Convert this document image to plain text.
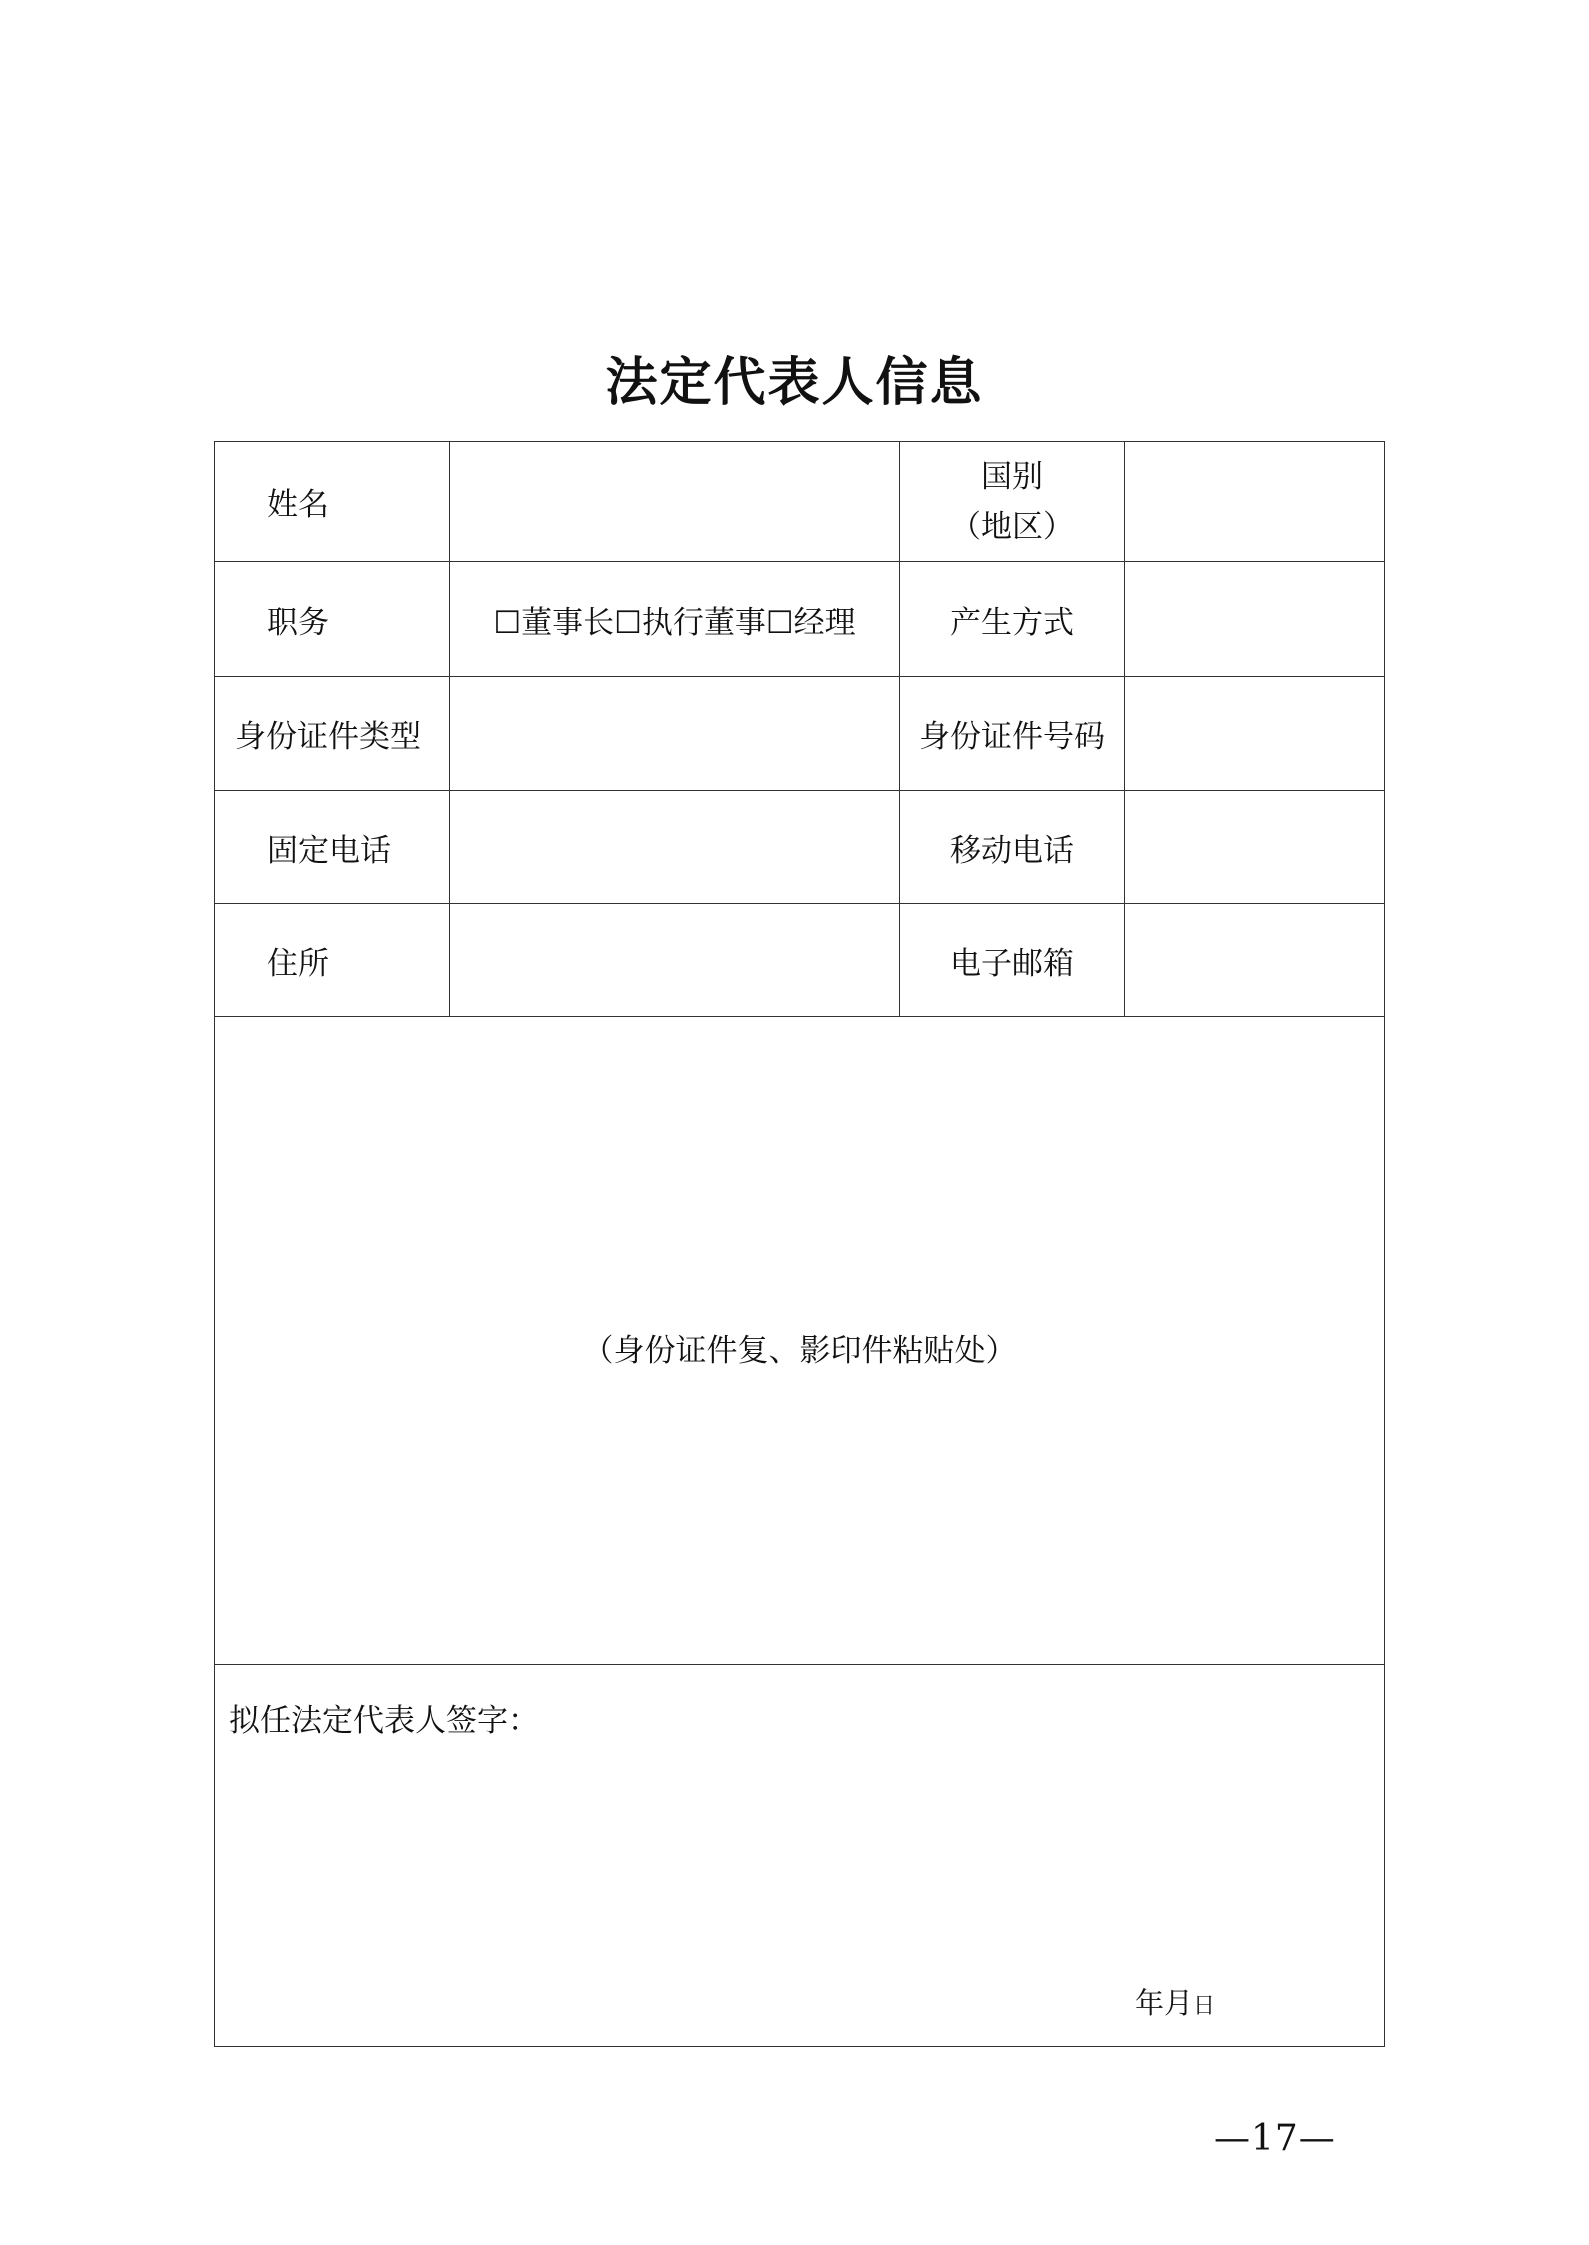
法定代表人信息
姓名		国别
（地区）	

职务	☐董事长☐执行董事☐经理	产生方式	
身份证件类型		身份证件号码	
固定电话		移动电话	
住所		电子邮箱	

（身份证件复、影印件粘贴处）			

拟任法定代表人签字：
年月日			
—17—
